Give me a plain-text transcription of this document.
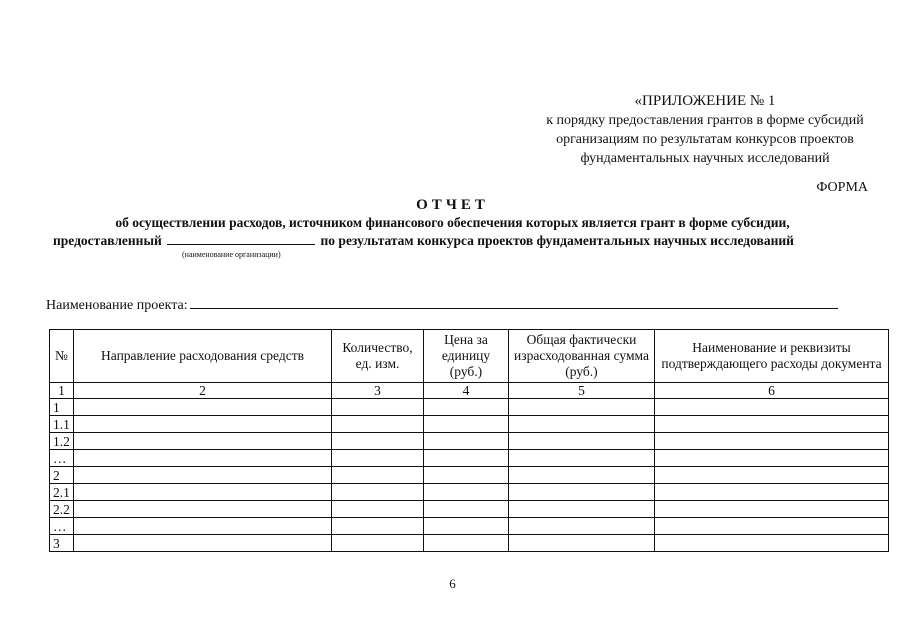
«ПРИЛОЖЕНИЕ № 1
к порядку предоставления грантов в форме субсидий
организациям по результатам конкурсов проектов
фундаментальных научных исследований
ФОРМА
ОТЧЕТ
об осуществлении расходов, источником финансового обеспечения которых является грант в форме субсидии,
предоставленный	по результатам конкурса проектов фундаментальных научных исследований
(наименование организации)
Наименование проекта:
№	Направление расходования средств	Количество, ед. изм.	Цена за единицу (руб.)	Общая фактически израсходованная сумма (руб.)	Наименование и реквизиты подтверждающего расходы документа
1	2	3	4	5	6
1					
1.1					
1.2					
…					
2					
2.1					
2.2					
…					
3					
6
